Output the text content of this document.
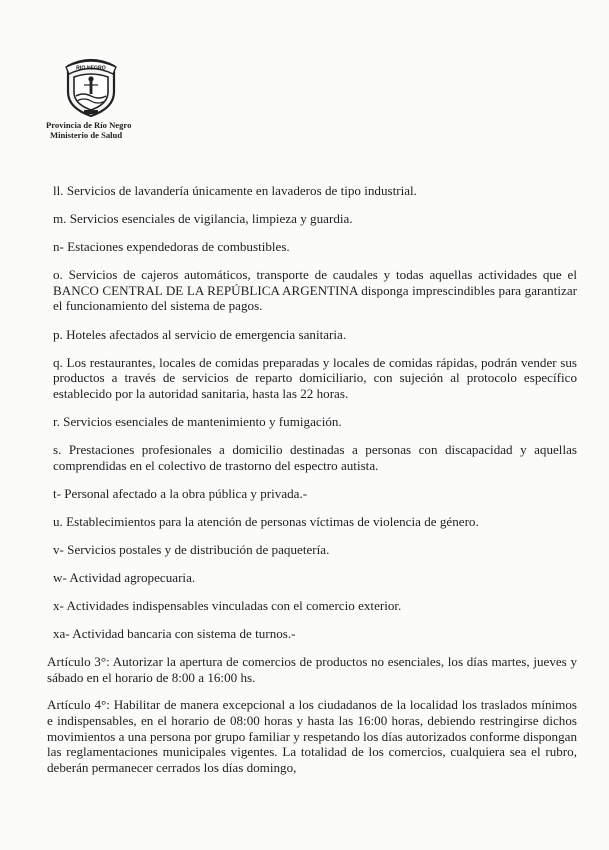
RIO NEGRO
Provincia de Río Negro
Ministerio de Salud

ll. Servicios de lavandería únicamente en lavaderos de tipo industrial.

m. Servicios esenciales de vigilancia, limpieza y guardia.

n- Estaciones expendedoras de combustibles.

o. Servicios de cajeros automáticos, transporte de caudales y todas aquellas actividades que el BANCO CENTRAL DE LA REPÚBLICA ARGENTINA disponga imprescindibles para garantizar el funcionamiento del sistema de pagos.

p. Hoteles afectados al servicio de emergencia sanitaria.

q. Los restaurantes, locales de comidas preparadas y locales de comidas rápidas, podrán vender sus productos a través de servicios de reparto domiciliario, con sujeción al protocolo específico establecido por la autoridad sanitaria, hasta las 22 horas.

r. Servicios esenciales de mantenimiento y fumigación.

s. Prestaciones profesionales a domicilio destinadas a personas con discapacidad y aquellas comprendidas en el colectivo de trastorno del espectro autista.

t- Personal afectado a la obra pública y privada.-

u. Establecimientos para la atención de personas víctimas de violencia de género.

v- Servicios postales y de distribución de paquetería.

w- Actividad agropecuaria.

x- Actividades indispensables vinculadas con el comercio exterior.

xa- Actividad bancaria con sistema de turnos.-

Artículo 3°: Autorizar la apertura de comercios de productos no esenciales, los días martes, jueves y sábado en el horario de 8:00 a 16:00 hs.

Artículo 4°: Habilitar de manera excepcional a los ciudadanos de la localidad los traslados mínimos e indispensables, en el horario de 08:00 horas y hasta las 16:00 horas, debiendo restringirse dichos movimientos a una persona por grupo familiar y respetando los días autorizados conforme dispongan las reglamentaciones municipales vigentes. La totalidad de los comercios, cualquiera sea el rubro, deberán permanecer cerrados los días domingo,
